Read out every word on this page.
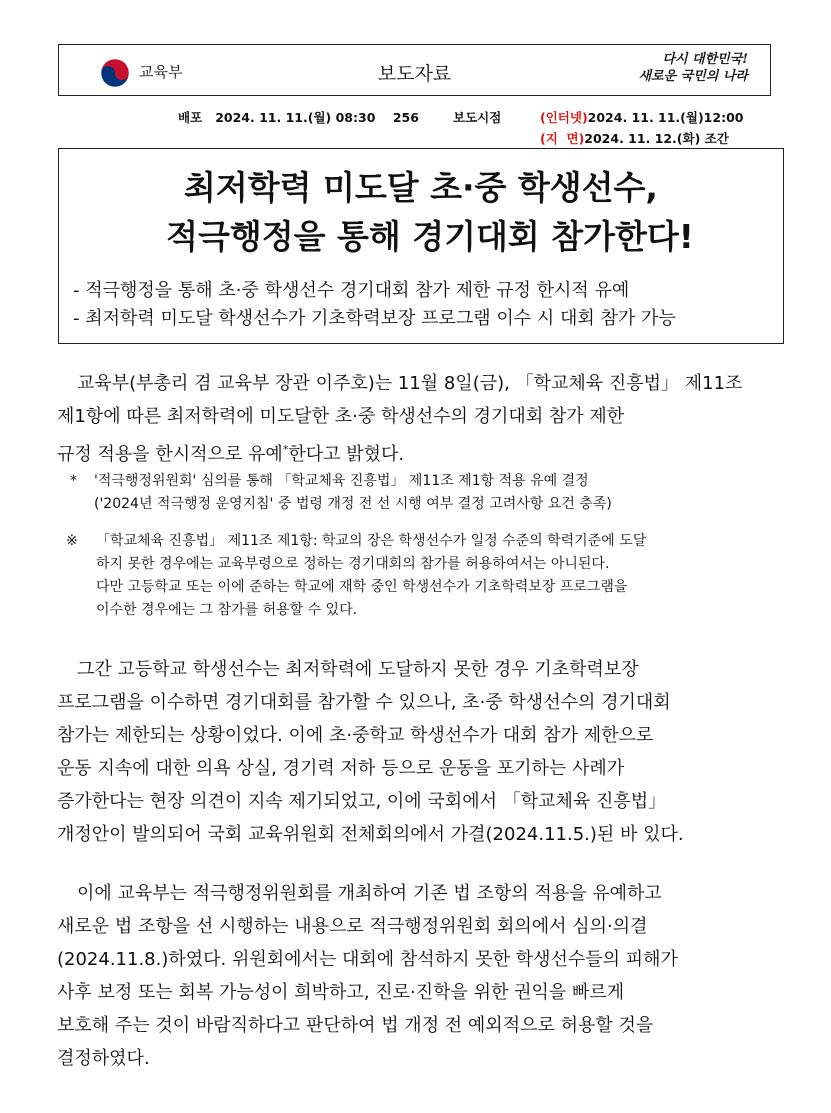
교육부	보도자료
다시 대한민국!
새로운 국민의 나라
배포 2024. 11. 11.(월) 08:30 256	보도시점	(인터넷)2024. 11. 11.(월)12:00
(지  면)2024. 11. 12.(화) 조간
최저학력 미도달 초·중 학생선수,
적극행정을 통해 경기대회 참가한다!
- 적극행정을 통해 초·중 학생선수 경기대회 참가 제한 규정 한시적 유예
- 최저학력 미도달 학생선수가 기초학력보장 프로그램 이수 시 대회 참가 가능
교육부(부총리 겸 교육부 장관 이주호)는 11월 8일(금), 「학교체육 진흥법」 제11조
제1항에 따른 최저학력에 미도달한 초·중 학생선수의 경기대회 참가 제한
규정 적용을 한시적으로 유예*한다고 밝혔다.
* '적극행정위원회' 심의를 통해 「학교체육 진흥법」 제11조 제1항 적용 유예 결정
('2024년 적극행정 운영지침' 중 법령 개정 전 선 시행 여부 결정 고려사항 요건 충족)
※ 「학교체육 진흥법」 제11조 제1항: 학교의 장은 학생선수가 일정 수준의 학력기준에 도달
하지 못한 경우에는 교육부령으로 정하는 경기대회의 참가를 허용하여서는 아니된다.
다만 고등학교 또는 이에 준하는 학교에 재학 중인 학생선수가 기초학력보장 프로그램을
이수한 경우에는 그 참가를 허용할 수 있다.
그간 고등학교 학생선수는 최저학력에 도달하지 못한 경우 기초학력보장
프로그램을 이수하면 경기대회를 참가할 수 있으나, 초·중 학생선수의 경기대회
참가는 제한되는 상황이었다. 이에 초·중학교 학생선수가 대회 참가 제한으로
운동 지속에 대한 의욕 상실, 경기력 저하 등으로 운동을 포기하는 사례가
증가한다는 현장 의견이 지속 제기되었고, 이에 국회에서 「학교체육 진흥법」
개정안이 발의되어 국회 교육위원회 전체회의에서 가결(2024.11.5.)된 바 있다.
이에 교육부는 적극행정위원회를 개최하여 기존 법 조항의 적용을 유예하고
새로운 법 조항을 선 시행하는 내용으로 적극행정위원회 회의에서 심의·의결
(2024.11.8.)하였다. 위원회에서는 대회에 참석하지 못한 학생선수들의 피해가
사후 보정 또는 회복 가능성이 희박하고, 진로·진학을 위한 권익을 빠르게
보호해 주는 것이 바람직하다고 판단하여 법 개정 전 예외적으로 허용할 것을
결정하였다.
